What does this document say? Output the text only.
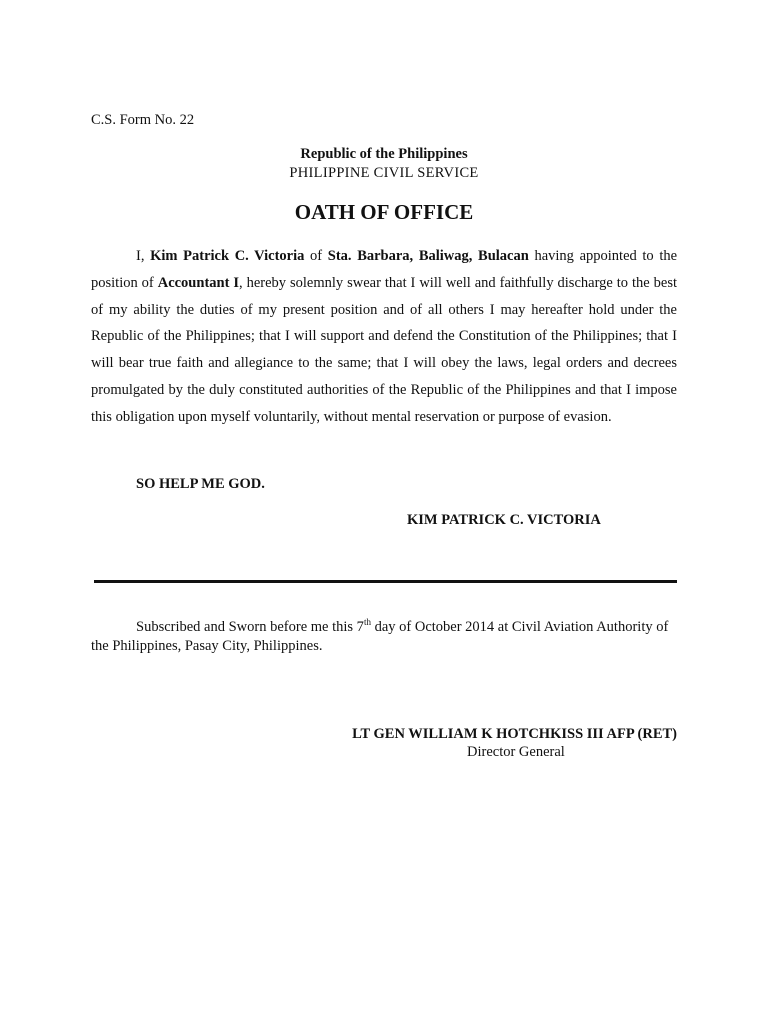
C.S. Form No. 22
Republic of the Philippines
PHILIPPINE CIVIL SERVICE
OATH OF OFFICE

I, Kim Patrick C. Victoria of Sta. Barbara, Baliwag, Bulacan having appointed to the position of Accountant I, hereby solemnly swear that I will well and faithfully discharge to the best of my ability the duties of my present position and of all others I may hereafter hold under the Republic of the Philippines; that I will support and defend the Constitution of the Philippines; that I will bear true faith and allegiance to the same; that I will obey the laws, legal orders and decrees promulgated by the duly constituted authorities of the Republic of the Philippines and that I impose this obligation upon myself voluntarily, without mental reservation or purpose of evasion.

SO HELP ME GOD.
KIM PATRICK C. VICTORIA

Subscribed and Sworn before me this 7th day of October 2014 at Civil Aviation Authority of the Philippines, Pasay City, Philippines.

LT GEN WILLIAM K HOTCHKISS III AFP (RET)
Director General
